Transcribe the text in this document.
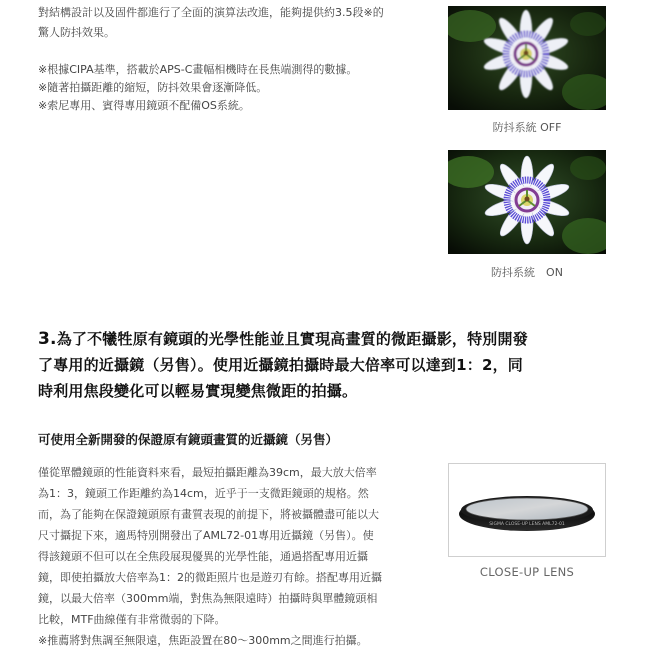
對結構設計以及固件都進行了全面的演算法改進，能夠提供約3.5段※的

驚人防抖效果。

※根據CIPA基準，搭載於APS-C畫幅相機時在長焦端測得的數據。

※隨著拍攝距離的縮短，防抖效果會逐漸降低。

※索尼專用、賓得專用鏡頭不配備OS系統。

防抖系統 OFF
防抖系統　ON

3.為了不犧牲原有鏡頭的光學性能並且實現高畫質的微距攝影，特別開發

了專用的近攝鏡（另售）。使用近攝鏡拍攝時最大倍率可以達到1：2，同

時利用焦段變化可以輕易實現變焦微距的拍攝。

可使用全新開發的保證原有鏡頭畫質的近攝鏡（另售）

僅從單體鏡頭的性能資料來看，最短拍攝距離為39cm，最大放大倍率

為1：3，鏡頭工作距離約為14cm，近乎于一支微距鏡頭的規格。然

而，為了能夠在保證鏡頭原有畫質表現的前提下，將被攝體盡可能以大

尺寸攝捉下來，適馬特別開發出了AML72-01專用近攝鏡（另售）。使

得該鏡頭不但可以在全焦段展現優異的光學性能，通過搭配專用近攝

鏡，即使拍攝放大倍率為1：2的微距照片也是遊刃有餘。搭配專用近攝

鏡，以最大倍率（300mm端，對焦為無限遠時）拍攝時與單體鏡頭相

比較，MTF曲線僅有非常微弱的下降。

※推薦將對焦調至無限遠，焦距設置在80～300mm之間進行拍攝。

SIGMA CLOSE-UP LENS AML72-01
CLOSE-UP LENS
